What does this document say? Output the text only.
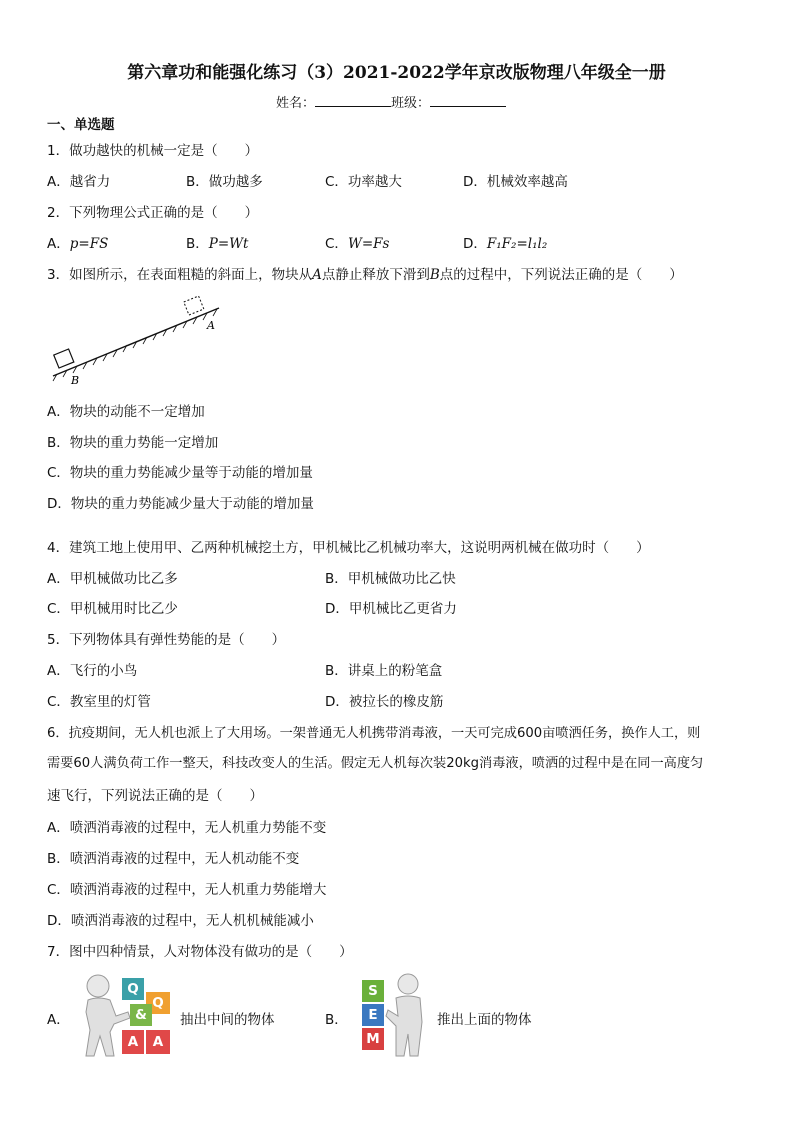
第六章功和能强化练习（3）2021-2022学年京改版物理八年级全一册
姓名：	班级：
一、单选题
1．做功越快的机械一定是（　　）
A．越省力	B．做功越多	C．功率越大	D．机械效率越高
2．下列物理公式正确的是（　　）
A．p=FS	B．P=Wt	C．W=Fs	D．F₁F₂=l₁l₂
3．如图所示，在表面粗糙的斜面上，物块从A点静止释放下滑到B点的过程中，下列说法正确的是（　　）
A
B
A．物块的动能不一定增加
B．物块的重力势能一定增加
C．物块的重力势能减少量等于动能的增加量
D．物块的重力势能减少量大于动能的增加量
4．建筑工地上使用甲、乙两种机械挖土方，甲机械比乙机械功率大，这说明两机械在做功时（　　）
A．甲机械做功比乙多	B．甲机械做功比乙快
C．甲机械用时比乙少	D．甲机械比乙更省力
5．下列物体具有弹性势能的是（　　）
A．飞行的小鸟	B．讲桌上的粉笔盒
C．教室里的灯管	D．被拉长的橡皮筋
6．抗疫期间，无人机也派上了大用场。一架普通无人机携带消毒液，一天可完成600亩喷洒任务，换作人工，则
需要60人满负荷工作一整天，科技改变人的生活。假定无人机每次装20kg消毒液，喷洒的过程中是在同一高度匀
速飞行，下列说法正确的是（　　）
A．喷洒消毒液的过程中，无人机重力势能不变
B．喷洒消毒液的过程中，无人机动能不变
C．喷洒消毒液的过程中，无人机重力势能增大
D．喷洒消毒液的过程中，无人机机械能减小
7．图中四种情景，人对物体没有做功的是（　　）
A．
Q
Q
&
A	A
抽出中间的物体	B．
S
E
M
推出上面的物体
